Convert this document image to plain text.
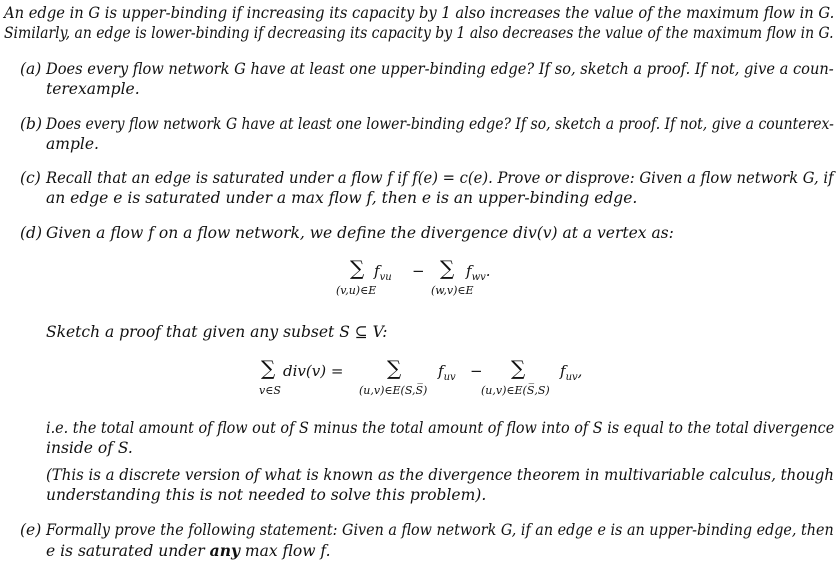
An edge in G is upper-binding if increasing its capacity by 1 also increases the value of the maximum flow in G.
Similarly, an edge is lower-binding if decreasing its capacity by 1 also decreases the value of the maximum flow in G.
(a) Does every flow network G have at least one upper-binding edge? If so, sketch a proof. If not, give a coun-
terexample.
(b) Does every flow network G have at least one lower-binding edge? If so, sketch a proof. If not, give a counterex-
ample.
(c) Recall that an edge is saturated under a flow f if f(e) = c(e). Prove or disprove: Given a flow network G, if
an edge e is saturated under a max flow f, then e is an upper-binding edge.
(d) Given a flow f on a flow network, we define the divergence div(v) at a vertex as:
∑ $f_{vu}$ − ∑ $f_{wv}$.
(v,u)∈E	(w,v)∈E
Sketch a proof that given any subset S ⊆ V:
∑ div(v) =
v∈S
∑ $f_{uv}$ − ∑ $f_{uv}$,
(u,v)∈E(S,S̅)	(u,v)∈E(S̅,S)
i.e. the total amount of flow out of S minus the total amount of flow into of S is equal to the total divergence
inside of S.
(This is a discrete version of what is known as the divergence theorem in multivariable calculus, though
understanding this is not needed to solve this problem).
(e) Formally prove the following statement: Given a flow network G, if an edge e is an upper-binding edge, then
e is saturated under any max flow f.
